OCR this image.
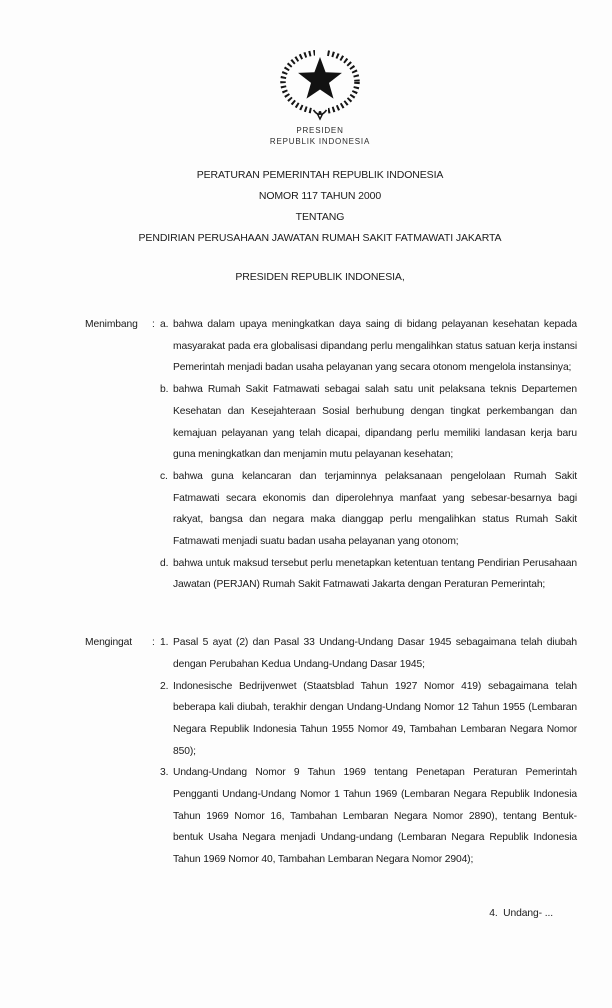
PRESIDEN
REPUBLIK INDONESIA
PERATURAN PEMERINTAH REPUBLIK INDONESIA
NOMOR 117 TAHUN 2000
TENTANG
PENDIRIAN PERUSAHAAN JAWATAN RUMAH SAKIT FATMAWATI JAKARTA
PRESIDEN REPUBLIK INDONESIA,
Menimbang	: a. bahwa dalam upaya meningkatkan daya saing di bidang pelayanan kesehatan kepada masyarakat pada era globalisasi dipandang perlu mengalihkan status satuan kerja instansi Pemerintah menjadi badan usaha pelayanan yang secara otonom mengelola instansinya;
b. bahwa Rumah Sakit Fatmawati sebagai salah satu unit pelaksana teknis Departemen Kesehatan dan Kesejahteraan Sosial berhubung dengan tingkat perkembangan dan kemajuan pelayanan yang telah dicapai, dipandang perlu memiliki landasan kerja baru guna meningkatkan dan menjamin mutu pelayanan kesehatan;
c. bahwa guna kelancaran dan terjaminnya pelaksanaan pengelolaan Rumah Sakit Fatmawati secara ekonomis dan diperolehnya manfaat yang sebesar-besarnya bagi rakyat, bangsa dan negara maka dianggap perlu mengalihkan status Rumah Sakit Fatmawati menjadi suatu badan usaha pelayanan yang otonom;
d. bahwa untuk maksud tersebut perlu menetapkan ketentuan tentang Pendirian Perusahaan Jawatan (PERJAN) Rumah Sakit Fatmawati Jakarta dengan Peraturan Pemerintah;
Mengingat	: 1. Pasal 5 ayat (2) dan Pasal 33 Undang-Undang Dasar 1945 sebagaimana telah diubah dengan Perubahan Kedua Undang-Undang Dasar 1945;
2. Indonesische Bedrijvenwet (Staatsblad Tahun 1927 Nomor 419) sebagaimana telah beberapa kali diubah, terakhir dengan Undang-Undang Nomor 12 Tahun 1955 (Lembaran Negara Republik Indonesia Tahun 1955 Nomor 49, Tambahan Lembaran Negara Nomor 850);
3. Undang-Undang Nomor 9 Tahun 1969 tentang Penetapan Peraturan Pemerintah Pengganti Undang-Undang Nomor 1 Tahun 1969 (Lembaran Negara Republik Indonesia Tahun 1969 Nomor 16, Tambahan Lembaran Negara Nomor 2890), tentang Bentuk-bentuk Usaha Negara menjadi Undang-undang (Lembaran Negara Republik Indonesia Tahun 1969 Nomor 40, Tambahan Lembaran Negara Nomor 2904);
4.  Undang- ...
